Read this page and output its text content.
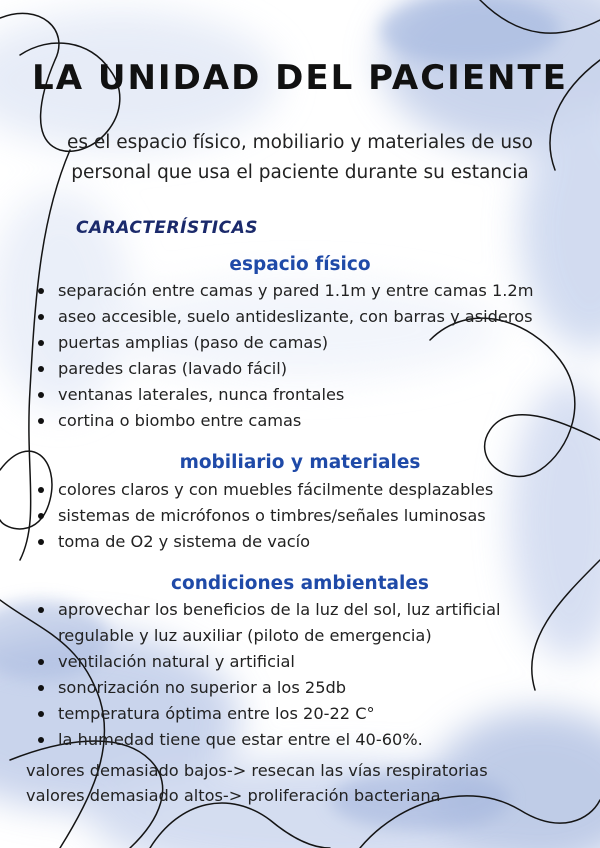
LA UNIDAD DEL PACIENTE
es el espacio físico, mobiliario y materiales de uso personal que usa el paciente durante su estancia
CARACTERÍSTICAS
espacio físico
separación entre camas y pared 1.1m y entre camas 1.2m
aseo accesible, suelo antideslizante, con barras y asideros
puertas amplias (paso de camas)
paredes claras (lavado fácil)
ventanas laterales, nunca frontales
cortina o biombo entre camas
mobiliario y materiales
colores claros y con muebles fácilmente desplazables
sistemas de micrófonos o timbres/señales luminosas
toma de O2 y sistema de vacío
condiciones ambientales
aprovechar los beneficios de la luz del sol, luz artificial regulable y luz auxiliar (piloto de emergencia)
ventilación natural y artificial
sonorización no superior a los 25db
temperatura óptima entre los 20-22 C°
la humedad tiene que estar entre el 40-60%.
valores demasiado bajos-> resecan las vías respiratorias
valores demasiado altos-> proliferación bacteriana
